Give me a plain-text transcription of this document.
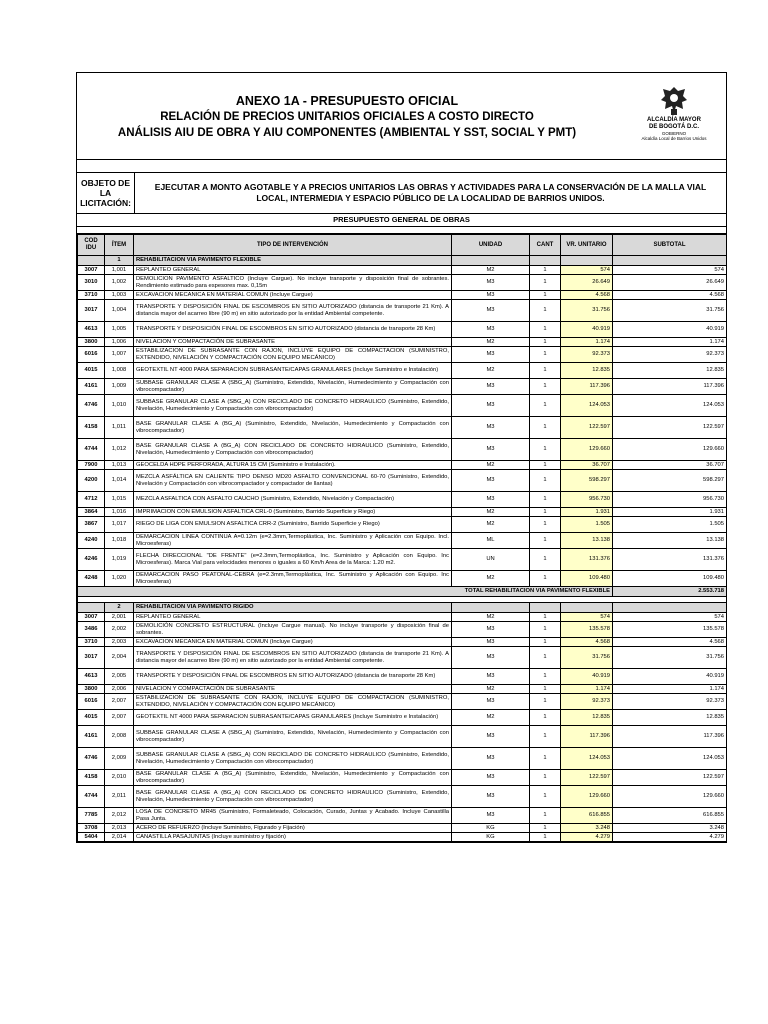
ANEXO 1A - PRESUPUESTO OFICIAL
RELACIÓN DE PRECIOS UNITARIOS OFICIALES A COSTO DIRECTO
ANÁLISIS AIU DE OBRA Y AIU COMPONENTES (AMBIENTAL Y SST, SOCIAL Y PMT)
ALCALDÍA MAYOR
DE BOGOTÁ D.C.
GOBIERNO
Alcaldía Local de Barrios Unidos
OBJETO DE LA LICITACIÓN:
EJECUTAR A MONTO AGOTABLE Y A PRECIOS UNITARIOS LAS OBRAS Y ACTIVIDADES PARA LA CONSERVACIÓN DE LA MALLA VIAL LOCAL, INTERMEDIA Y ESPACIO PÚBLICO DE LA LOCALIDAD DE BARRIOS UNIDOS.
PRESUPUESTO GENERAL DE OBRAS
COD IDU	ÍTEM	TIPO DE INTERVENCIÓN	UNIDAD	CANT	VR. UNITARIO	SUBTOTAL
	1	REHABILITACION VIA PAVIMENTO FLEXIBLE				
3007	1,001	REPLANTEO GENERAL	M2	1	574	574
3010	1,002	DEMOLICION PAVIMENTO ASFALTICO (Incluye Cargue). No incluye transporte y disposición final de sobrantes. Rendimiento estimado para espesores max. 0,15m	M3	1	26.649	26.649
3710	1,003	EXCAVACION MECANICA EN MATERIAL COMUN (Incluye Cargue)	M3	1	4.568	4.568
3017	1,004	TRANSPORTE Y DISPOSICIÓN FINAL DE ESCOMBROS EN SITIO AUTORIZADO (distancia de transporte 21 Km). A distancia mayor del acarreo libre (90 m) en sitio autorizado por la entidad Ambiental competente.	M3	1	31.756	31.756
4613	1,005	TRANSPORTE Y DISPOSICIÓN FINAL DE ESCOMBROS EN SITIO AUTORIZADO (distancia de transporte 28 Km)	M3	1	40.919	40.919
3800	1,006	NIVELACION Y COMPACTACIÓN DE SUBRASANTE	M2	1	1.174	1.174
6016	1,007	ESTABILIZACION DE SUBRASANTE CON RAJON, INCLUYE EQUIPO DE COMPACTACION (SUMINISTRO, EXTENDIDO, NIVELACIÓN Y COMPACTACIÓN CON EQUIPO MECÁNICO)	M3	1	92.373	92.373
4015	1,008	GEOTEXTIL NT 4000 PARA SEPARACION SUBRASANTE/CAPAS GRANULARES (Incluye Suministro e Instalación)	M2	1	12.835	12.835
4161	1,009	SUBBASE GRANULAR CLASE A (SBG_A) (Suministro, Extendido, Nivelación, Humedecimiento y Compactación con vibrocompactador)	M3	1	117.396	117.396
4746	1,010	SUBBASE GRANULAR CLASE A (SBG_A) CON RECICLADO DE CONCRETO HIDRAULICO (Suministro, Extendido, Nivelación, Humedecimiento y Compactación con vibrocompactador)	M3	1	124.053	124.053
4158	1,011	BASE GRANULAR CLASE A (BG_A) (Suministro, Extendido, Nivelación, Humedecimiento y Compactación con vibrocompactador)	M3	1	122.597	122.597
4744	1,012	BASE GRANULAR CLASE A (BG_A) CON RECICLADO DE CONCRETO HIDRAULICO (Suministro, Extendido, Nivelación, Humedecimiento y Compactación con vibrocompactador)	M3	1	129.660	129.660
7900	1,013	GEOCELDA HDPE PERFORADA, ALTURA 15 CM (Suministro e Instalación).	M2	1	36.707	36.707
4200	1,014	MEZCLA ASFÁLTICA EN CALIENTE TIPO DENSO MD20 ASFALTO CONVENCIONAL 60-70 (Suministro, Extendido, Nivelación y Compactación con vibrocompactador y compactador de llantas)	M3	1	598.297	598.297
4712	1,015	MEZCLA ASFALTICA CON ASFALTO CAUCHO (Suministro, Extendido, Nivelación y Compactación)	M3	1	956.730	956.730
3864	1,016	IMPRIMACION CON EMULSION ASFALTICA CRL-0 (Suministro, Barrido Superficie y Riego)	M2	1	1.931	1.931
3867	1,017	RIEGO DE LIGA CON EMULSION ASFALTICA CRR-2 (Suministro, Barrido Superficie y Riego)	M2	1	1.505	1.505
4240	1,018	DEMARCACION LINEA CONTINUA A=0.12m (e=2.3mm,Termoplástica, Inc. Suministro y Aplicación con Equipo. Incl. Microesferas)	ML	1	13.138	13.138
4246	1,019	FLECHA DIRECCIONAL "DE FRENTE" (e=2.3mm,Termoplástica, Inc. Suministro y Aplicación con Equipo. Inc Microesferas). Marca Vial para velocidades menores o iguales a 60 Km/h Area de la Marca: 1.20 m2.	UN	1	131.376	131.376
4248	1,020	DEMARCACION PASO PEATONAL-CEBRA (e=2.3mm,Termoplástica, Inc. Suministro y Aplicación con Equipo. Inc Microesferas)	M2	1	109.480	109.480
TOTAL REHABILITACION VIA PAVIMENTO FLEXIBLE						2.553.718

	2	REHABILITACION VIA PAVIMENTO RIGIDO				
3007	2,001	REPLANTEO GENERAL	M2	1	574	574
3486	2,002	DEMOLICIÓN CONCRETO ESTRUCTURAL (Incluye Cargue manual). No incluye transporte y disposición final de sobrantes.	M3	1	135.578	135.578
3710	2,003	EXCAVACION MECANICA EN MATERIAL COMUN (Incluye Cargue)	M3	1	4.568	4.568
3017	2,004	TRANSPORTE Y DISPOSICIÓN FINAL DE ESCOMBROS EN SITIO AUTORIZADO (distancia de transporte 21 Km). A distancia mayor del acarreo libre (90 m) en sitio autorizado por la entidad Ambiental competente.	M3	1	31.756	31.756
4613	2,005	TRANSPORTE Y DISPOSICIÓN FINAL DE ESCOMBROS EN SITIO AUTORIZADO (distancia de transporte 28 Km)	M3	1	40.919	40.919
3800	2,006	NIVELACION Y COMPACTACIÓN DE SUBRASANTE	M2	1	1.174	1.174
6016	2,007	ESTABILIZACION DE SUBRASANTE CON RAJON, INCLUYE EQUIPO DE COMPACTACION (SUMINISTRO, EXTENDIDO, NIVELACIÓN Y COMPACTACIÓN CON EQUIPO MECÁNICO)	M3	1	92.373	92.373
4015	2,007	GEOTEXTIL NT 4000 PARA SEPARACION SUBRASANTE/CAPAS GRANULARES (Incluye Suministro e Instalación)	M2	1	12.835	12.835
4161	2,008	SUBBASE GRANULAR CLASE A (SBG_A) (Suministro, Extendido, Nivelación, Humedecimiento y Compactación con vibrocompactador)	M3	1	117.396	117.396
4746	2,009	SUBBASE GRANULAR CLASE A (SBG_A) CON RECICLADO DE CONCRETO HIDRAULICO (Suministro, Extendido, Nivelación, Humedecimiento y Compactación con vibrocompactador)	M3	1	124.053	124.053
4158	2,010	BASE GRANULAR CLASE A (BG_A) (Suministro, Extendido, Nivelación, Humedecimiento y Compactación con vibrocompactador)	M3	1	122.597	122.597
4744	2,011	BASE GRANULAR CLASE A (BG_A) CON RECICLADO DE CONCRETO HIDRAULICO (Suministro, Extendido, Nivelación, Humedecimiento y Compactación con vibrocompactador)	M3	1	129.660	129.660
7785	2,012	LOSA DE CONCRETO MR45 (Suministro, Formaleteado, Colocación, Curado, Juntas y Acabado. Incluye Canastilla Pasa Junta.	M3	1	616.855	616.855
3708	2,013	ACERO DE REFUERZO (Incluye Suministro, Figurado y Fijación)	KG	1	3.248	3.248
5404	2,014	CANASTILLA PASAJUNTAS (Incluye suministro y fijación)	KG	1	4.279	4.279
